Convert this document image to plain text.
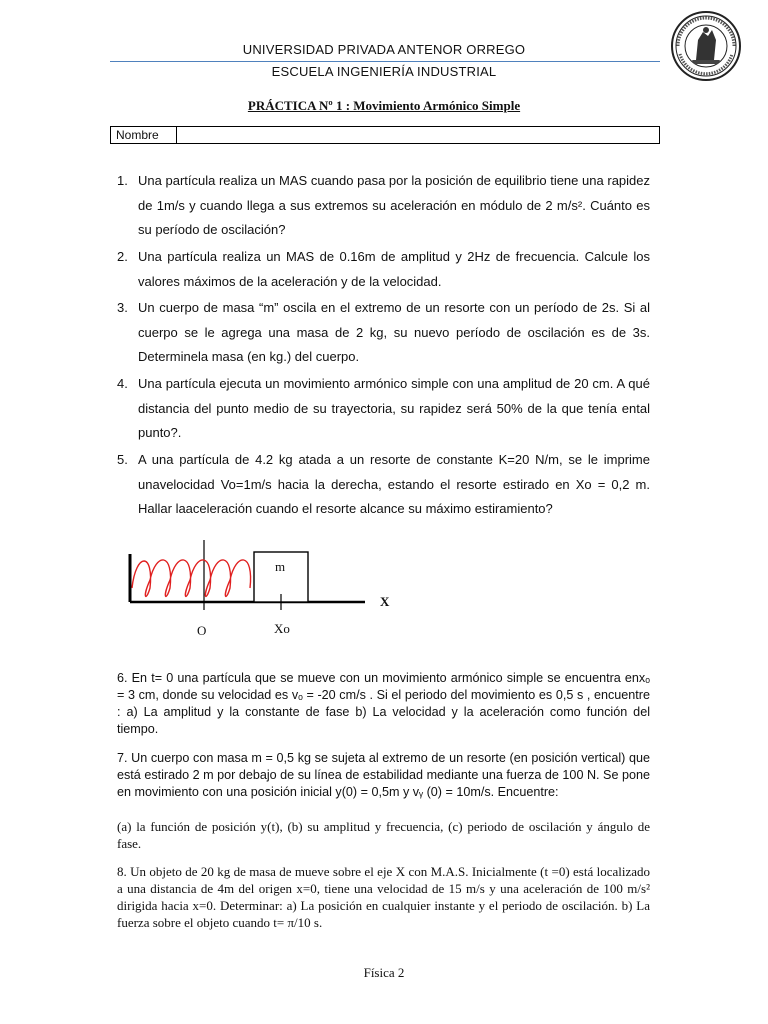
UNIVERSIDAD PRIVADA ANTENOR ORREGO
ESCUELA INGENIERÍA INDUSTRIAL
PRÁCTICA Nº 1 : Movimiento Armónico Simple
Nombre
1. Una partícula realiza un MAS cuando pasa por la posición de equilibrio tiene una rapidez de 1m/s y cuando llega a sus extremos su aceleración en módulo de 2 m/s². Cuánto es su período de oscilación?
2. Una partícula realiza un MAS de 0.16m de amplitud y 2Hz de frecuencia. Calcule los valores máximos de la aceleración y de la velocidad.
3. Un cuerpo de masa “m” oscila en el extremo de un resorte con un período de 2s. Si al cuerpo se le agrega una masa de 2 kg, su nuevo período de oscilación es de 3s. Determinela masa (en kg.) del cuerpo.
4. Una partícula ejecuta un movimiento armónico simple con una amplitud de 20 cm. A qué distancia del punto medio de su trayectoria, su rapidez será 50% de la que tenía ental punto?.
5. A una partícula de 4.2 kg atada a un resorte de constante K=20 N/m, se le imprime unavelocidad Vo=1m/s hacia la derecha, estando el resorte estirado en Xo = 0,2 m. Hallar laaceleración cuando el resorte alcance su máximo estiramiento?
m
X
O	Xo
6. En t= 0 una partícula que se mueve con un movimiento armónico simple se encuentra enxₒ = 3 cm, donde su velocidad es vₒ = -20 cm/s . Si el periodo del movimiento es 0,5 s , encuentre : a) La amplitud y la constante de fase b) La velocidad y la aceleración como función del tiempo.
7. Un cuerpo con masa m = 0,5 kg se sujeta al extremo de un resorte (en posición vertical) que está estirado 2 m por debajo de su línea de estabilidad mediante una fuerza de 100 N. Se pone en movimiento con una posición inicial y(0) = 0,5m y vᵧ (0) = 10m/s. Encuentre:
(a) la función de posición y(t), (b) su amplitud y frecuencia, (c) periodo de oscilación y ángulo de fase.
8. Un objeto de 20 kg de masa de mueve sobre el eje X con M.A.S. Inicialmente (t =0) está localizado a una distancia de 4m del origen x=0, tiene una velocidad de 15 m/s y una aceleración de 100 m/s² dirigida hacia x=0. Determinar: a) La posición en cualquier instante y el periodo de oscilación. b) La fuerza sobre el objeto cuando t= π/10 s.
Física 2
